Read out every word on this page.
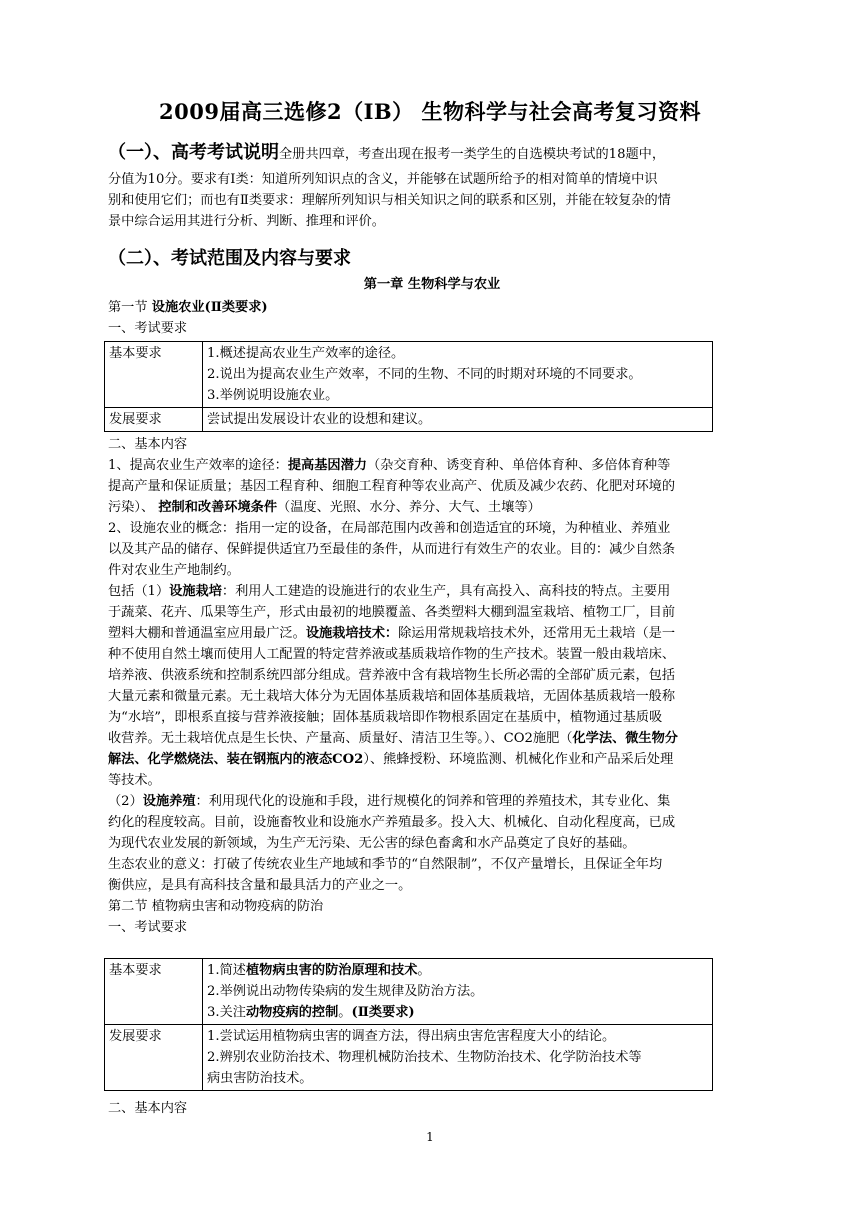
2009届高三选修2（IB） 生物科学与社会高考复习资料
（一）、高考考试说明全册共四章，考查出现在报考一类学生的自选模块考试的18题中，
分值为10分。要求有Ⅰ类：知道所列知识点的含义，并能够在试题所给予的相对简单的情境中识
别和使用它们；而也有Ⅱ类要求：理解所列知识与相关知识之间的联系和区别，并能在较复杂的情
景中综合运用其进行分析、判断、推理和评价。
（二）、考试范围及内容与要求
第一章 生物科学与农业
第一节 设施农业(Ⅱ类要求)
一、考试要求
基本要求	1.概述提高农业生产效率的途径。
2.说出为提高农业生产效率，不同的生物、不同的时期对环境的不同要求。
3.举例说明设施农业。

发展要求	尝试提出发展设计农业的设想和建议。
二、基本内容
1、提高农业生产效率的途径：提高基因潜力（杂交育种、诱变育种、单倍体育种、多倍体育种等
提高产量和保证质量；基因工程育种、细胞工程育种等农业高产、优质及减少农药、化肥对环境的
污染）、 控制和改善环境条件（温度、光照、水分、养分、大气、土壤等）
2、设施农业的概念：指用一定的设备，在局部范围内改善和创造适宜的环境，为种植业、养殖业
以及其产品的储存、保鲜提供适宜乃至最佳的条件，从而进行有效生产的农业。目的：减少自然条
件对农业生产地制约。
包括（1）设施栽培：利用人工建造的设施进行的农业生产，具有高投入、高科技的特点。主要用
于蔬菜、花卉、瓜果等生产，形式由最初的地膜覆盖、各类塑料大棚到温室栽培、植物工厂，目前
塑料大棚和普通温室应用最广泛。设施栽培技术：除运用常规栽培技术外，还常用无土栽培（是一
种不使用自然土壤而使用人工配置的特定营养液或基质栽培作物的生产技术。装置一般由栽培床、
培养液、供液系统和控制系统四部分组成。营养液中含有栽培物生长所必需的全部矿质元素，包括
大量元素和微量元素。无土栽培大体分为无固体基质栽培和固体基质栽培，无固体基质栽培一般称
为“水培”，即根系直接与营养液接触；固体基质栽培即作物根系固定在基质中，植物通过基质吸
收营养。无土栽培优点是生长快、产量高、质量好、清洁卫生等。）、CO2施肥（化学法、微生物分
解法、化学燃烧法、装在钢瓶内的液态CO2）、熊蜂授粉、环境监测、机械化作业和产品采后处理
等技术。
（2）设施养殖：利用现代化的设施和手段，进行规模化的饲养和管理的养殖技术，其专业化、集
约化的程度较高。目前，设施畜牧业和设施水产养殖最多。投入大、机械化、自动化程度高，已成
为现代农业发展的新领域，为生产无污染、无公害的绿色畜禽和水产品奠定了良好的基础。
生态农业的意义：打破了传统农业生产地域和季节的“自然限制”，不仅产量增长，且保证全年均
衡供应，是具有高科技含量和最具活力的产业之一。
第二节 植物病虫害和动物疫病的防治
一、考试要求
基本要求	1.简述植物病虫害的防治原理和技术。
2.举例说出动物传染病的发生规律及防治方法。
3.关注动物疫病的控制。(Ⅱ类要求)

发展要求	1.尝试运用植物病虫害的调查方法，得出病虫害危害程度大小的结论。
2.辨别农业防治技术、物理机械防治技术、生物防治技术、化学防治技术等
病虫害防治技术。
二、基本内容
1
